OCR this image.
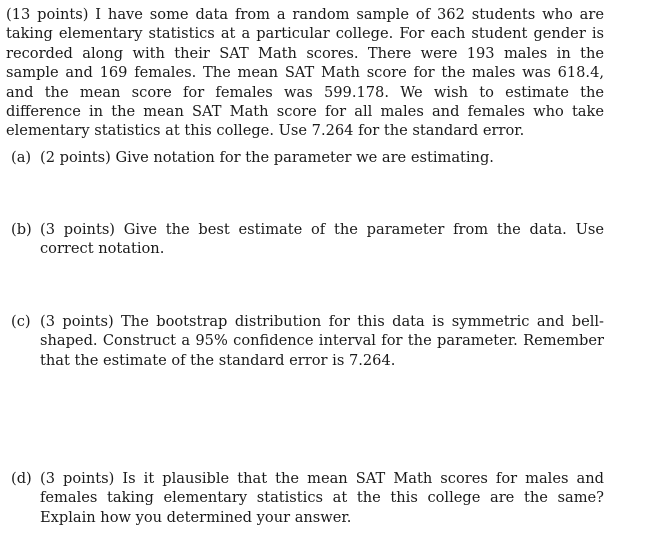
(13 points) I have some data from a random sample of 362 students who are taking elementary statistics at a particular college. For each student gender is recorded along with their SAT Math scores. There were 193 males in the sample and 169 females. The mean SAT Math score for the males was 618.4, and the mean score for females was 599.178. We wish to estimate the difference in the mean SAT Math score for all males and females who take elementary statistics at this college. Use 7.264 for the standard error.

(a) (2 points) Give notation for the parameter we are estimating.
(b) (3 points) Give the best estimate of the parameter from the data. Use correct notation.
(c) (3 points) The bootstrap distribution for this data is symmetric and bell-shaped. Construct a 95% confidence interval for the parameter. Remember that the estimate of the standard error is 7.264.
(d) (3 points) Is it plausible that the mean SAT Math scores for males and females taking elementary statistics at the this college are the same? Explain how you determined your answer.
